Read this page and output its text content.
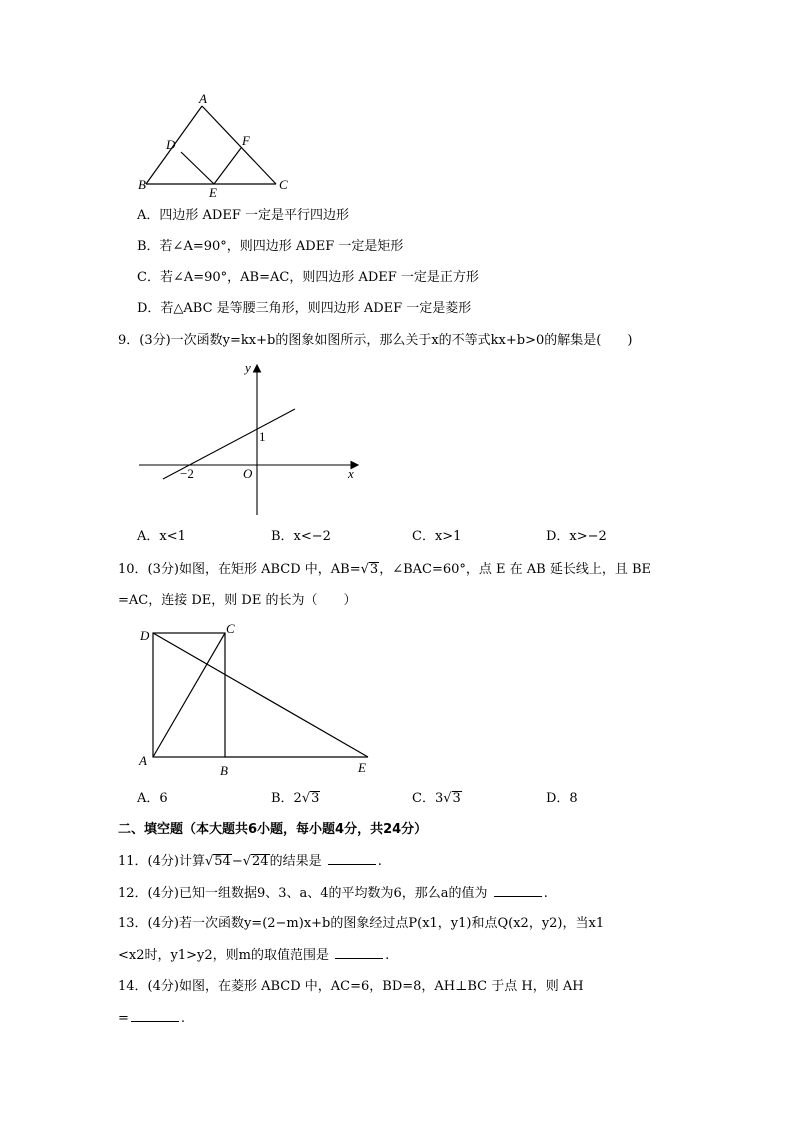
A
D	F
B
E
C
A．四边形 ADEF 一定是平行四边形
B．若∠A=90°，则四边形 ADEF 一定是矩形
C．若∠A=90°，AB=AC，则四边形 ADEF 一定是正方形
D．若△ABC 是等腰三角形，则四边形 ADEF 一定是菱形
9．(3分)一次函数y=kx+b的图象如图所示，那么关于x的不等式kx+b>0的解集是(　　)
y
x
O
−2
1
A．x<1	B．x<−2	C．x>1	D．x>−2
10．(3分)如图，在矩形 ABCD 中，AB=√3，∠BAC=60°，点 E 在 AB 延长线上，且 BE
=AC，连接 DE，则 DE 的长为（　　）
D	C
A
B	E
A．6	B．2√3	C．3√3	D．8
二、填空题（本大题共6小题，每小题4分，共24分）
11．(4分)计算√54−√24的结果是	.
12．(4分)已知一组数据9、3、a、4的平均数为6，那么a的值为	.
13．(4分)若一次函数y=(2−m)x+b的图象经过点P(x1，y1)和点Q(x2，y2)，当x1
<x2时，y1>y2，则m的取值范围是	.
14．(4分)如图，在菱形 ABCD 中，AC=6，BD=8，AH⊥BC 于点 H，则 AH
=	.
